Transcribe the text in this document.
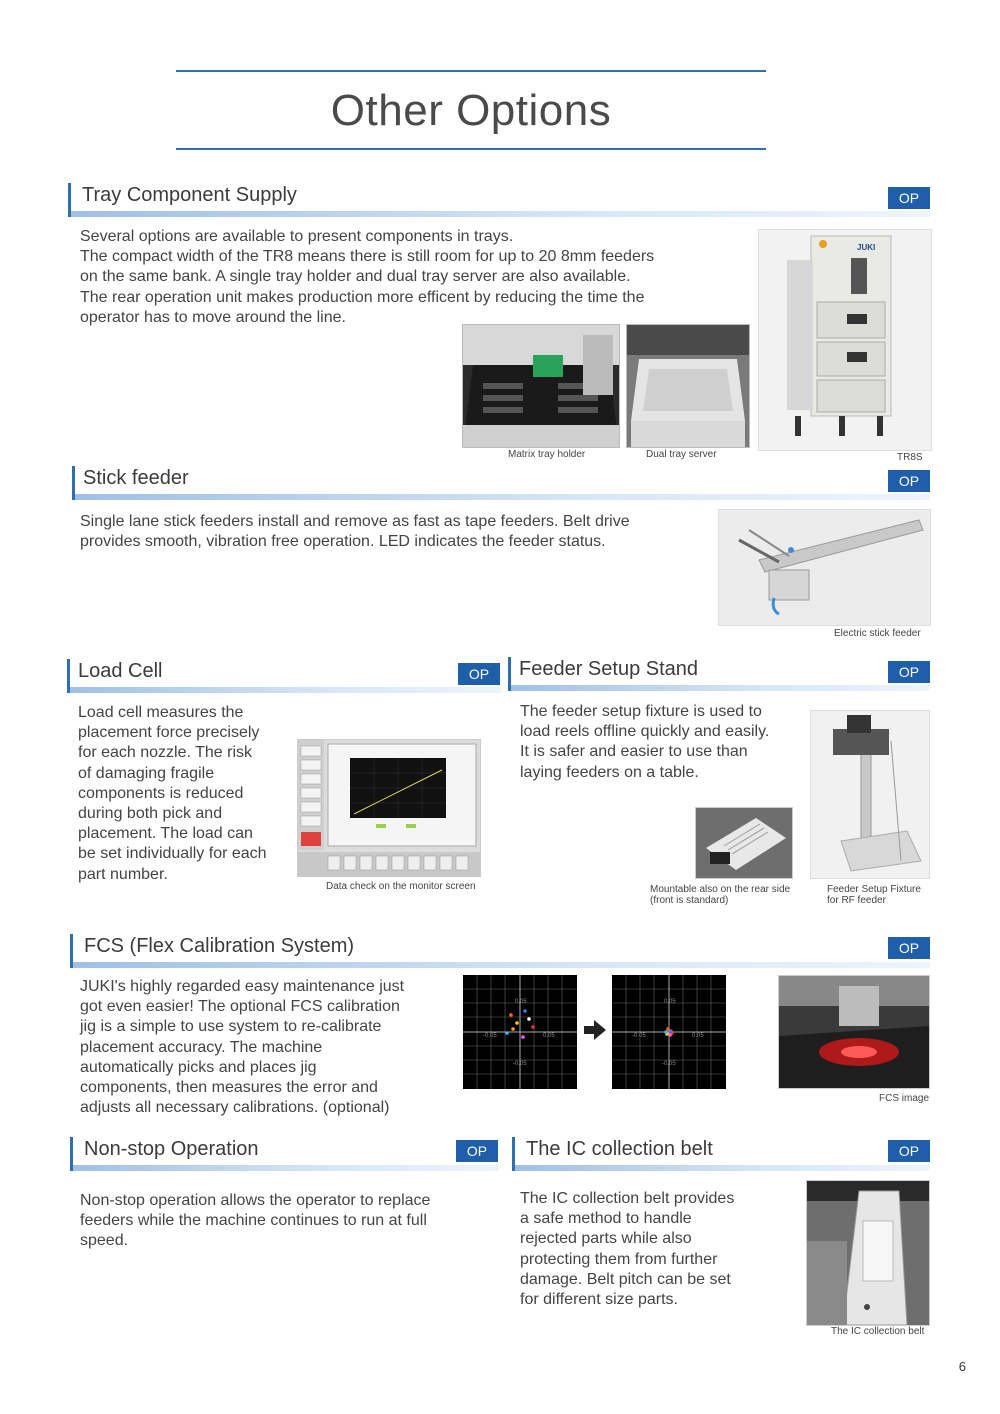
Other Options
Tray Component Supply	OP
Several options are available to present components in trays.
The compact width of the TR8 means there is still room for up to 20 8mm feeders
on the same bank. A single tray holder and dual tray server are also available.
The rear operation unit makes production more efficent by reducing the time the
operator has to move around the line.
Matrix tray holder	Dual tray server
JUKI
TR8S
Stick feeder	OP
Single lane stick feeders install and remove as fast as tape feeders. Belt drive
provides smooth, vibration free operation. LED indicates the feeder status.
Electric stick feeder
Load Cell	OP
Load cell measures the
placement force precisely
for each nozzle. The risk
of damaging fragile
components is reduced
during both pick and
placement. The load can
be set individually for each
part number.
Data check on the monitor screen
Feeder Setup Stand	OP
The feeder setup fixture is used to
load reels offline quickly and easily.
It is safer and easier to use than
laying feeders on a table.
Mountable also on the rear side
(front is standard)
Feeder Setup Fixture
for RF feeder
FCS (Flex Calibration System)	OP
JUKI's highly regarded easy maintenance just
got even easier! The optional FCS calibration
jig is a simple to use system to re-calibrate
placement accuracy. The machine
automatically picks and places jig
components, then measures the error and
adjusts all necessary calibrations. (optional)
0.05
-0.05
-0.05	0.05
0.05
-0.05
-0.05	0.05
FCS image
Non-stop Operation	OP
Non-stop operation allows the operator to replace
feeders while the machine continues to run at full
speed.
The IC collection belt	OP
The IC collection belt provides
a safe method to handle
rejected parts while also
protecting them from further
damage. Belt pitch can be set
for different size parts.
The IC collection belt
6
